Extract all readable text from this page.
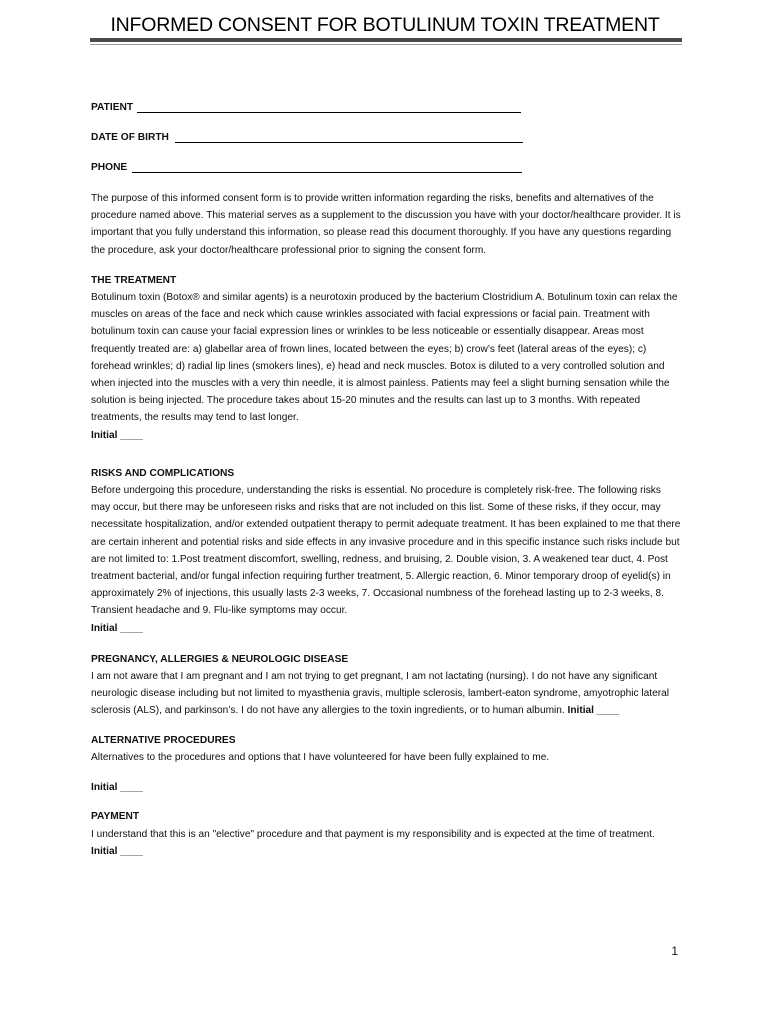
INFORMED CONSENT FOR BOTULINUM TOXIN TREATMENT
PATIENT
DATE OF BIRTH
PHONE

The purpose of this informed consent form is to provide written information regarding the risks, benefits and alternatives of the procedure named above. This material serves as a supplement to the discussion you have with your doctor/healthcare provider. It is important that you fully understand this information, so please read this document thoroughly. If you have any questions regarding the procedure, ask your doctor/healthcare professional prior to signing the consent form.

THE TREATMENT

Botulinum toxin (Botox® and similar agents) is a neurotoxin produced by the bacterium Clostridium A. Botulinum toxin can relax the muscles on areas of the face and neck which cause wrinkles associated with facial expressions or facial pain. Treatment with botulinum toxin can cause your facial expression lines or wrinkles to be less noticeable or essentially disappear. Areas most frequently treated are: a) glabellar area of frown lines, located between the eyes; b) crow’s feet (lateral areas of the eyes); c) forehead wrinkles; d) radial lip lines (smokers lines), e) head and neck muscles. Botox is diluted to a very controlled solution and when injected into the muscles with a very thin needle, it is almost painless. Patients may feel a slight burning sensation while the solution is being injected. The procedure takes about 15-20 minutes and the results can last up to 3 months. With repeated treatments, the results may tend to last longer.

Initial ____

RISKS AND COMPLICATIONS

Before undergoing this procedure, understanding the risks is essential. No procedure is completely risk-free. The following risks may occur, but there may be unforeseen risks and risks that are not included on this list. Some of these risks, if they occur, may necessitate hospitalization, and/or extended outpatient therapy to permit adequate treatment. It has been explained to me that there are certain inherent and potential risks and side effects in any invasive procedure and in this specific instance such risks include but are not limited to: 1.Post treatment discomfort, swelling, redness, and bruising, 2. Double vision, 3. A weakened tear duct, 4. Post treatment bacterial, and/or fungal infection requiring further treatment, 5. Allergic reaction, 6. Minor temporary droop of eyelid(s) in approximately 2% of injections, this usually lasts 2-3 weeks, 7. Occasional numbness of the forehead lasting up to 2-3 weeks, 8. Transient headache and 9. Flu-like symptoms may occur.

Initial ____

PREGNANCY, ALLERGIES & NEUROLOGIC DISEASE

I am not aware that I am pregnant and I am not trying to get pregnant, I am not lactating (nursing). I do not have any significant neurologic disease including but not limited to myasthenia gravis, multiple sclerosis, lambert-eaton syndrome, amyotrophic lateral sclerosis (ALS), and parkinson’s. I do not have any allergies to the toxin ingredients, or to human albumin. Initial ____

ALTERNATIVE PROCEDURES

Alternatives to the procedures and options that I have volunteered for have been fully explained to me.

Initial ____

PAYMENT

I understand that this is an "elective" procedure and that payment is my responsibility and is expected at the time of treatment. Initial ____

1
